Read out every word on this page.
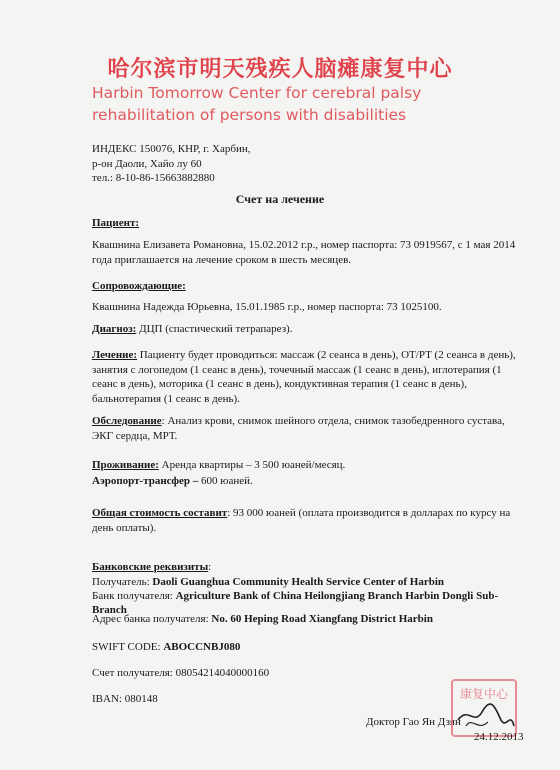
哈尔滨市明天残疾人脑瘫康复中心
Harbin Tomorrow Center for cerebral palsy rehabilitation of persons with disabilities
ИНДЕКС 150076, КНР, г. Харбин,
р-он Даоли, Хайо лу 60
тел.: 8-10-86-15663882880
Счет на лечение
Пациент:
Квашнина Елизавета Романовна, 15.02.2012 г.р., номер паспорта: 73 0919567, с 1 мая 2014 года приглашается на лечение сроком в шесть месяцев.
Сопровождающие:
Квашнина Надежда Юрьевна, 15.01.1985 г.р., номер паспорта: 73 1025100.
Диагноз: ДЦП (спастический тетрапарез).
Лечение: Пациенту будет проводиться: массаж (2 сеанса в день), ОТ/РТ (2 сеанса в день), занятия с логопедом (1 сеанс в день), точечный массаж (1 сеанс в день), иглотерапия (1 сеанс в день), моторика (1 сеанс в день), кондуктивная терапия (1 сеанс в день), бальнотерапия (1 сеанс в день).
Обследование: Анализ крови, снимок шейного отдела, снимок тазобедренного сустава, ЭКГ сердца, МРТ.
Проживание: Аренда квартиры – 3 500 юаней/месяц.
Аэропорт-трансфер – 600 юаней.
Общая стоимость составит: 93 000 юаней (оплата производится в долларах по курсу на день оплаты).
Банковские реквизиты:
Получатель: Daoli Guanghua Community Health Service Center of Harbin
Банк получателя: Agriculture Bank of China Heilongjiang Branch Harbin Dongli Sub-Branch
Адрес банка получателя: No. 60 Heping Road Xiangfang District Harbin
SWIFT CODE: ABOCCNBJ080
Счет получателя: 08054214040000160
IBAN: 080148
Доктор Гао Ян Дзян
康复中心
24.12.2013
